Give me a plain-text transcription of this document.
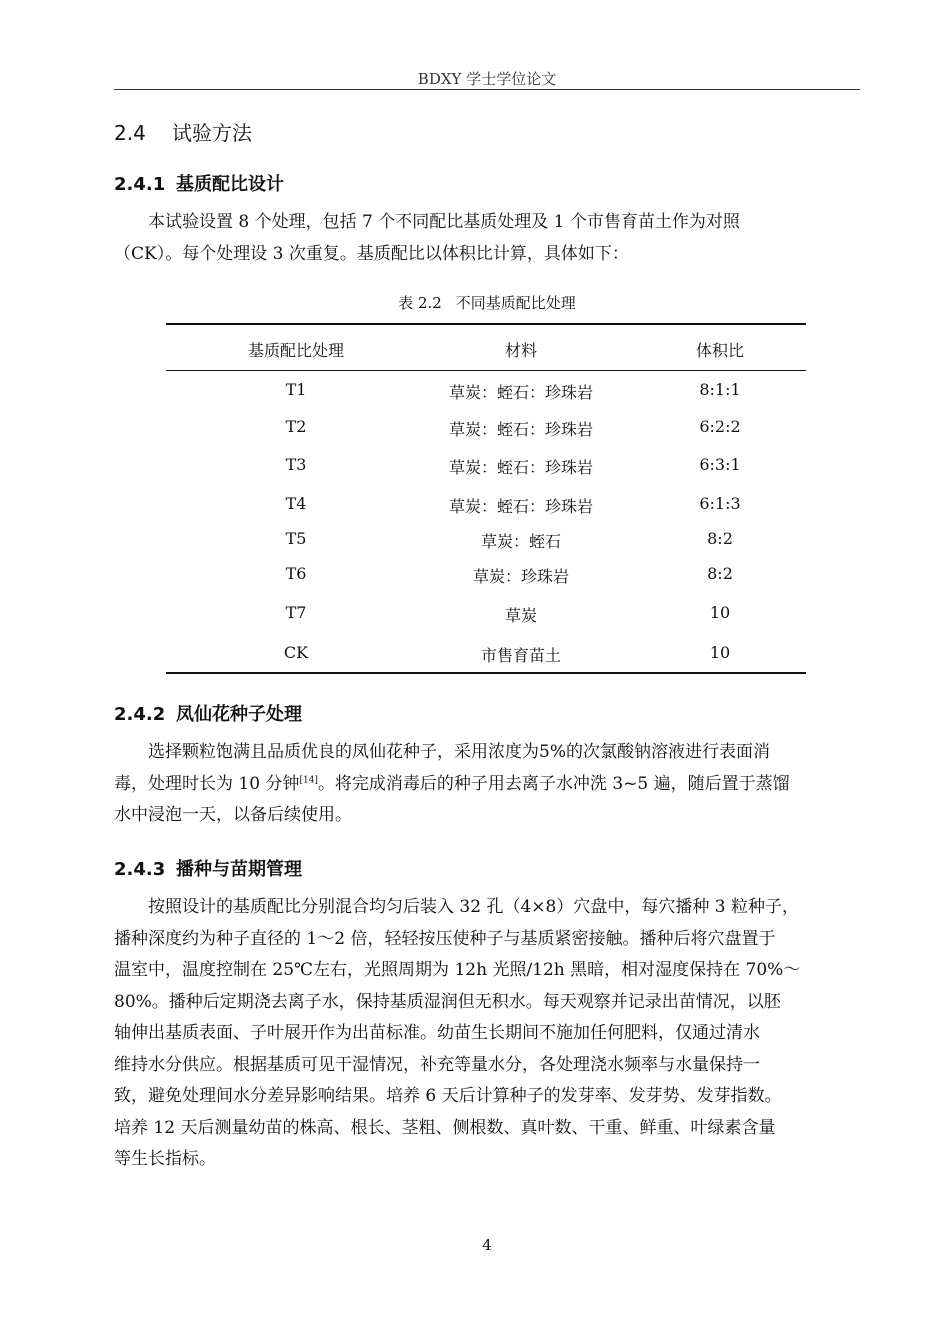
BDXY 学士学位论文
2.4 试验方法
2.4.1 基质配比设计

本试验设置 8 个处理，包括 7 个不同配比基质处理及 1 个市售育苗土作为对照
（CK）。每个处理设 3 次重复。基质配比以体积比计算，具体如下：

表 2.2 不同基质配比处理
基质配比处理	材料	体积比
T1	草炭：蛭石：珍珠岩	8:1:1
T2	草炭：蛭石：珍珠岩	6:2:2
T3	草炭：蛭石：珍珠岩	6:3:1
T4	草炭：蛭石：珍珠岩	6:1:3
T5	草炭：蛭石	8:2
T6	草炭：珍珠岩	8:2
T7	草炭	10
CK	市售育苗土	10
2.4.2 凤仙花种子处理

选择颗粒饱满且品质优良的凤仙花种子，采用浓度为5%的次氯酸钠溶液进行表面消
毒，处理时长为 10 分钟[14]。将完成消毒后的种子用去离子水冲洗 3~5 遍，随后置于蒸馏
水中浸泡一天，以备后续使用。

2.4.3 播种与苗期管理

按照设计的基质配比分别混合均匀后装入 32 孔（4×8）穴盘中，每穴播种 3 粒种子，
播种深度约为种子直径的 1～2 倍，轻轻按压使种子与基质紧密接触。播种后将穴盘置于
温室中，温度控制在 25℃左右，光照周期为 12h 光照/12h 黑暗，相对湿度保持在 70%～
80%。播种后定期浇去离子水，保持基质湿润但无积水。每天观察并记录出苗情况，以胚
轴伸出基质表面、子叶展开作为出苗标准。幼苗生长期间不施加任何肥料，仅通过清水
维持水分供应。根据基质可见干湿情况，补充等量水分，各处理浇水频率与水量保持一
致，避免处理间水分差异影响结果。培养 6 天后计算种子的发芽率、发芽势、发芽指数。
培养 12 天后测量幼苗的株高、根长、茎粗、侧根数、真叶数、干重、鲜重、叶绿素含量
等生长指标。

4
